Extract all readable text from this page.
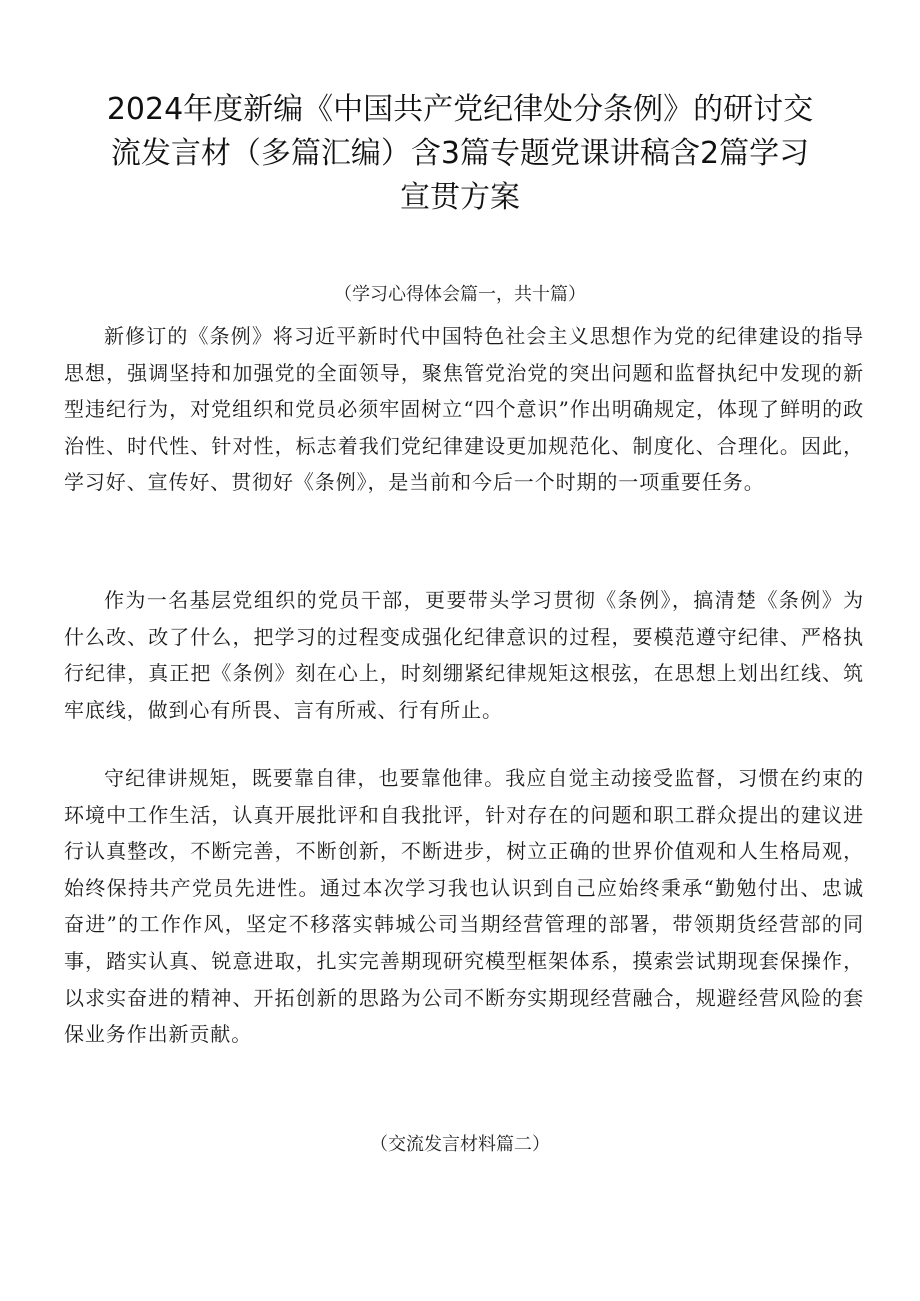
2024年度新编《中国共产党纪律处分条例》的研讨交
流发言材（多篇汇编）含3篇专题党课讲稿含2篇学习
宣贯方案

（学习心得体会篇一，共十篇）

新修订的《条例》将习近平新时代中国特色社会主义思想作为党的纪律建设的指导思想，强调坚持和加强党的全面领导，聚焦管党治党的突出问题和监督执纪中发现的新型违纪行为，对党组织和党员必须牢固树立“四个意识”作出明确规定，体现了鲜明的政治性、时代性、针对性，标志着我们党纪律建设更加规范化、制度化、合理化。因此，学习好、宣传好、贯彻好《条例》，是当前和今后一个时期的一项重要任务。

作为一名基层党组织的党员干部，更要带头学习贯彻《条例》，搞清楚《条例》为什么改、改了什么，把学习的过程变成强化纪律意识的过程，要模范遵守纪律、严格执行纪律，真正把《条例》刻在心上，时刻绷紧纪律规矩这根弦，在思想上划出红线、筑牢底线，做到心有所畏、言有所戒、行有所止。

守纪律讲规矩，既要靠自律，也要靠他律。我应自觉主动接受监督，习惯在约束的环境中工作生活，认真开展批评和自我批评，针对存在的问题和职工群众提出的建议进行认真整改，不断完善，不断创新，不断进步，树立正确的世界价值观和人生格局观，始终保持共产党员先进性。通过本次学习我也认识到自己应始终秉承“勤勉付出、忠诚奋进”的工作作风，坚定不移落实韩城公司当期经营管理的部署，带领期货经营部的同事，踏实认真、锐意进取，扎实完善期现研究模型框架体系，摸索尝试期现套保操作，以求实奋进的精神、开拓创新的思路为公司不断夯实期现经营融合，规避经营风险的套保业务作出新贡献。

（交流发言材料篇二）
